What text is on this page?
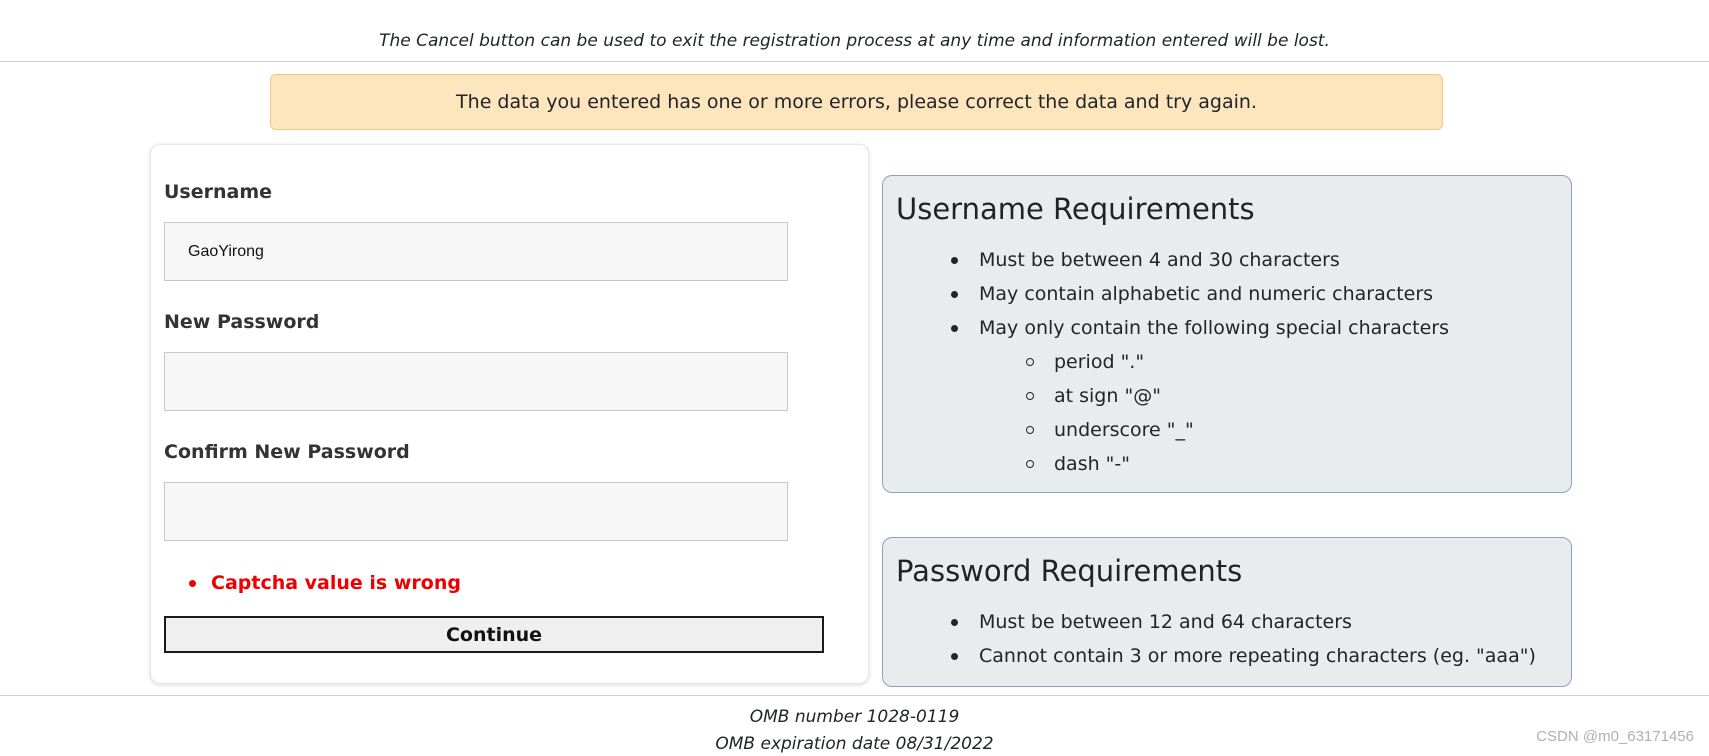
The Cancel button can be used to exit the registration process at any time and information entered will be lost.
The data you entered has one or more errors, please correct the data and try again.
Username
GaoYirong
New Password
Confirm New Password
Captcha value is wrong
Continue
Username Requirements
Must be between 4 and 30 characters
May contain alphabetic and numeric characters
May only contain the following special characters
period "."
at sign "@"
underscore "_"
dash "-"
Password Requirements
Must be between 12 and 64 characters
Cannot contain 3 or more repeating characters (eg. "aaa")
OMB number 1028-0119
OMB expiration date 08/31/2022	CSDN @m0_63171456
